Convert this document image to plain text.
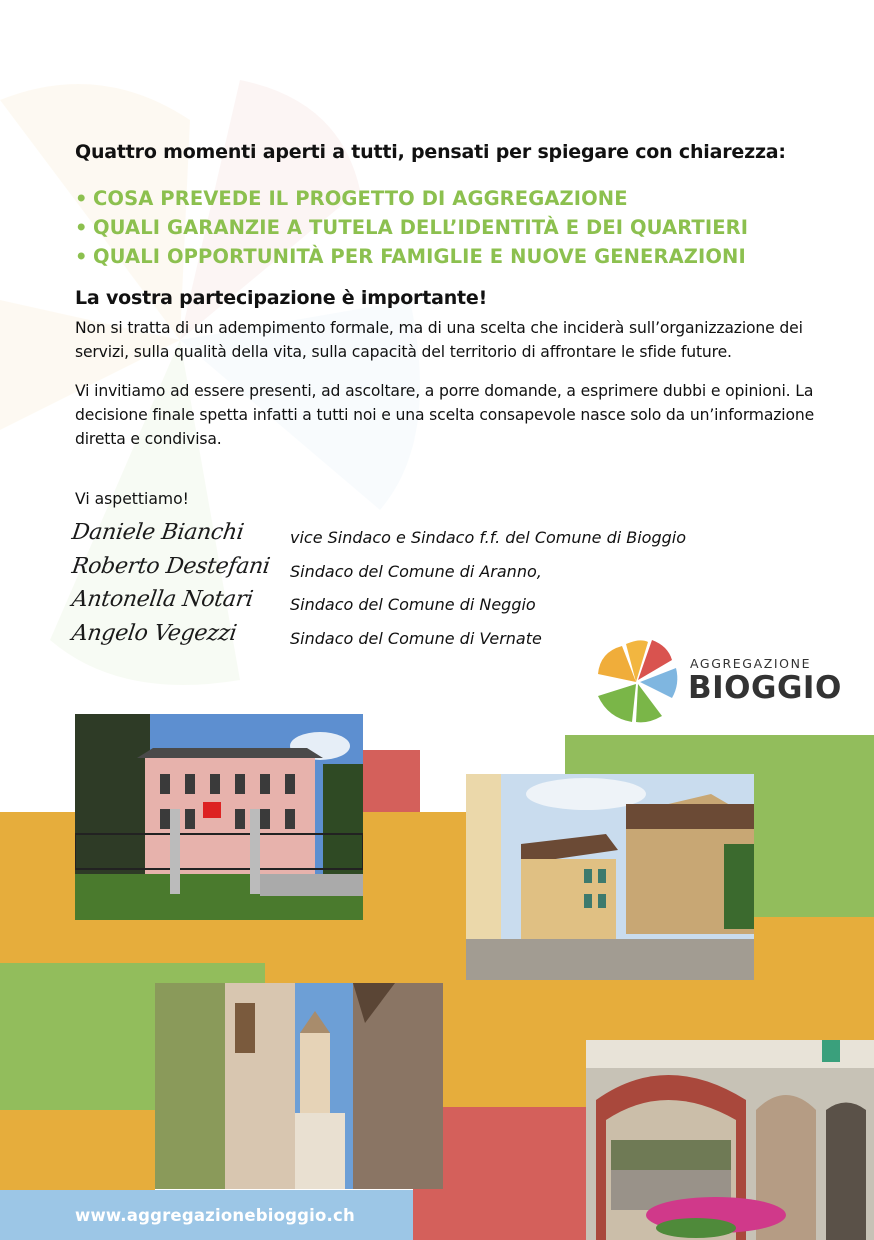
Quattro momenti aperti a tutti, pensati per spiegare con chiarezza:
• COSA PREVEDE IL PROGETTO DI AGGREGAZIONE
• QUALI GARANZIE A TUTELA DELL’IDENTITÀ E DEI QUARTIERI
• QUALI OPPORTUNITÀ PER FAMIGLIE E NUOVE GENERAZIONI
La vostra partecipazione è importante!
Non si tratta di un adempimento formale, ma di una scelta che inciderà sull’organizzazione dei servizi, sulla qualità della vita, sulla capacità del territorio di affrontare le sfide future.
Vi invitiamo ad essere presenti, ad ascoltare, a porre domande, a esprimere dubbi e opinioni. La decisione finale spetta infatti a tutti noi e una scelta consapevole nasce solo da un’informazione diretta e condivisa.
Vi aspettiamo!
Daniele Bianchi	vice Sindaco e Sindaco f.f. del Comune di Bioggio
Roberto Destefani Sindaco del Comune di Aranno,
Antonella Notari Sindaco del Comune di Neggio
Angelo Vegezzi	Sindaco del Comune di Vernate
AGGREGAZIONE
BIOGGIO
www.aggregazionebioggio.ch
